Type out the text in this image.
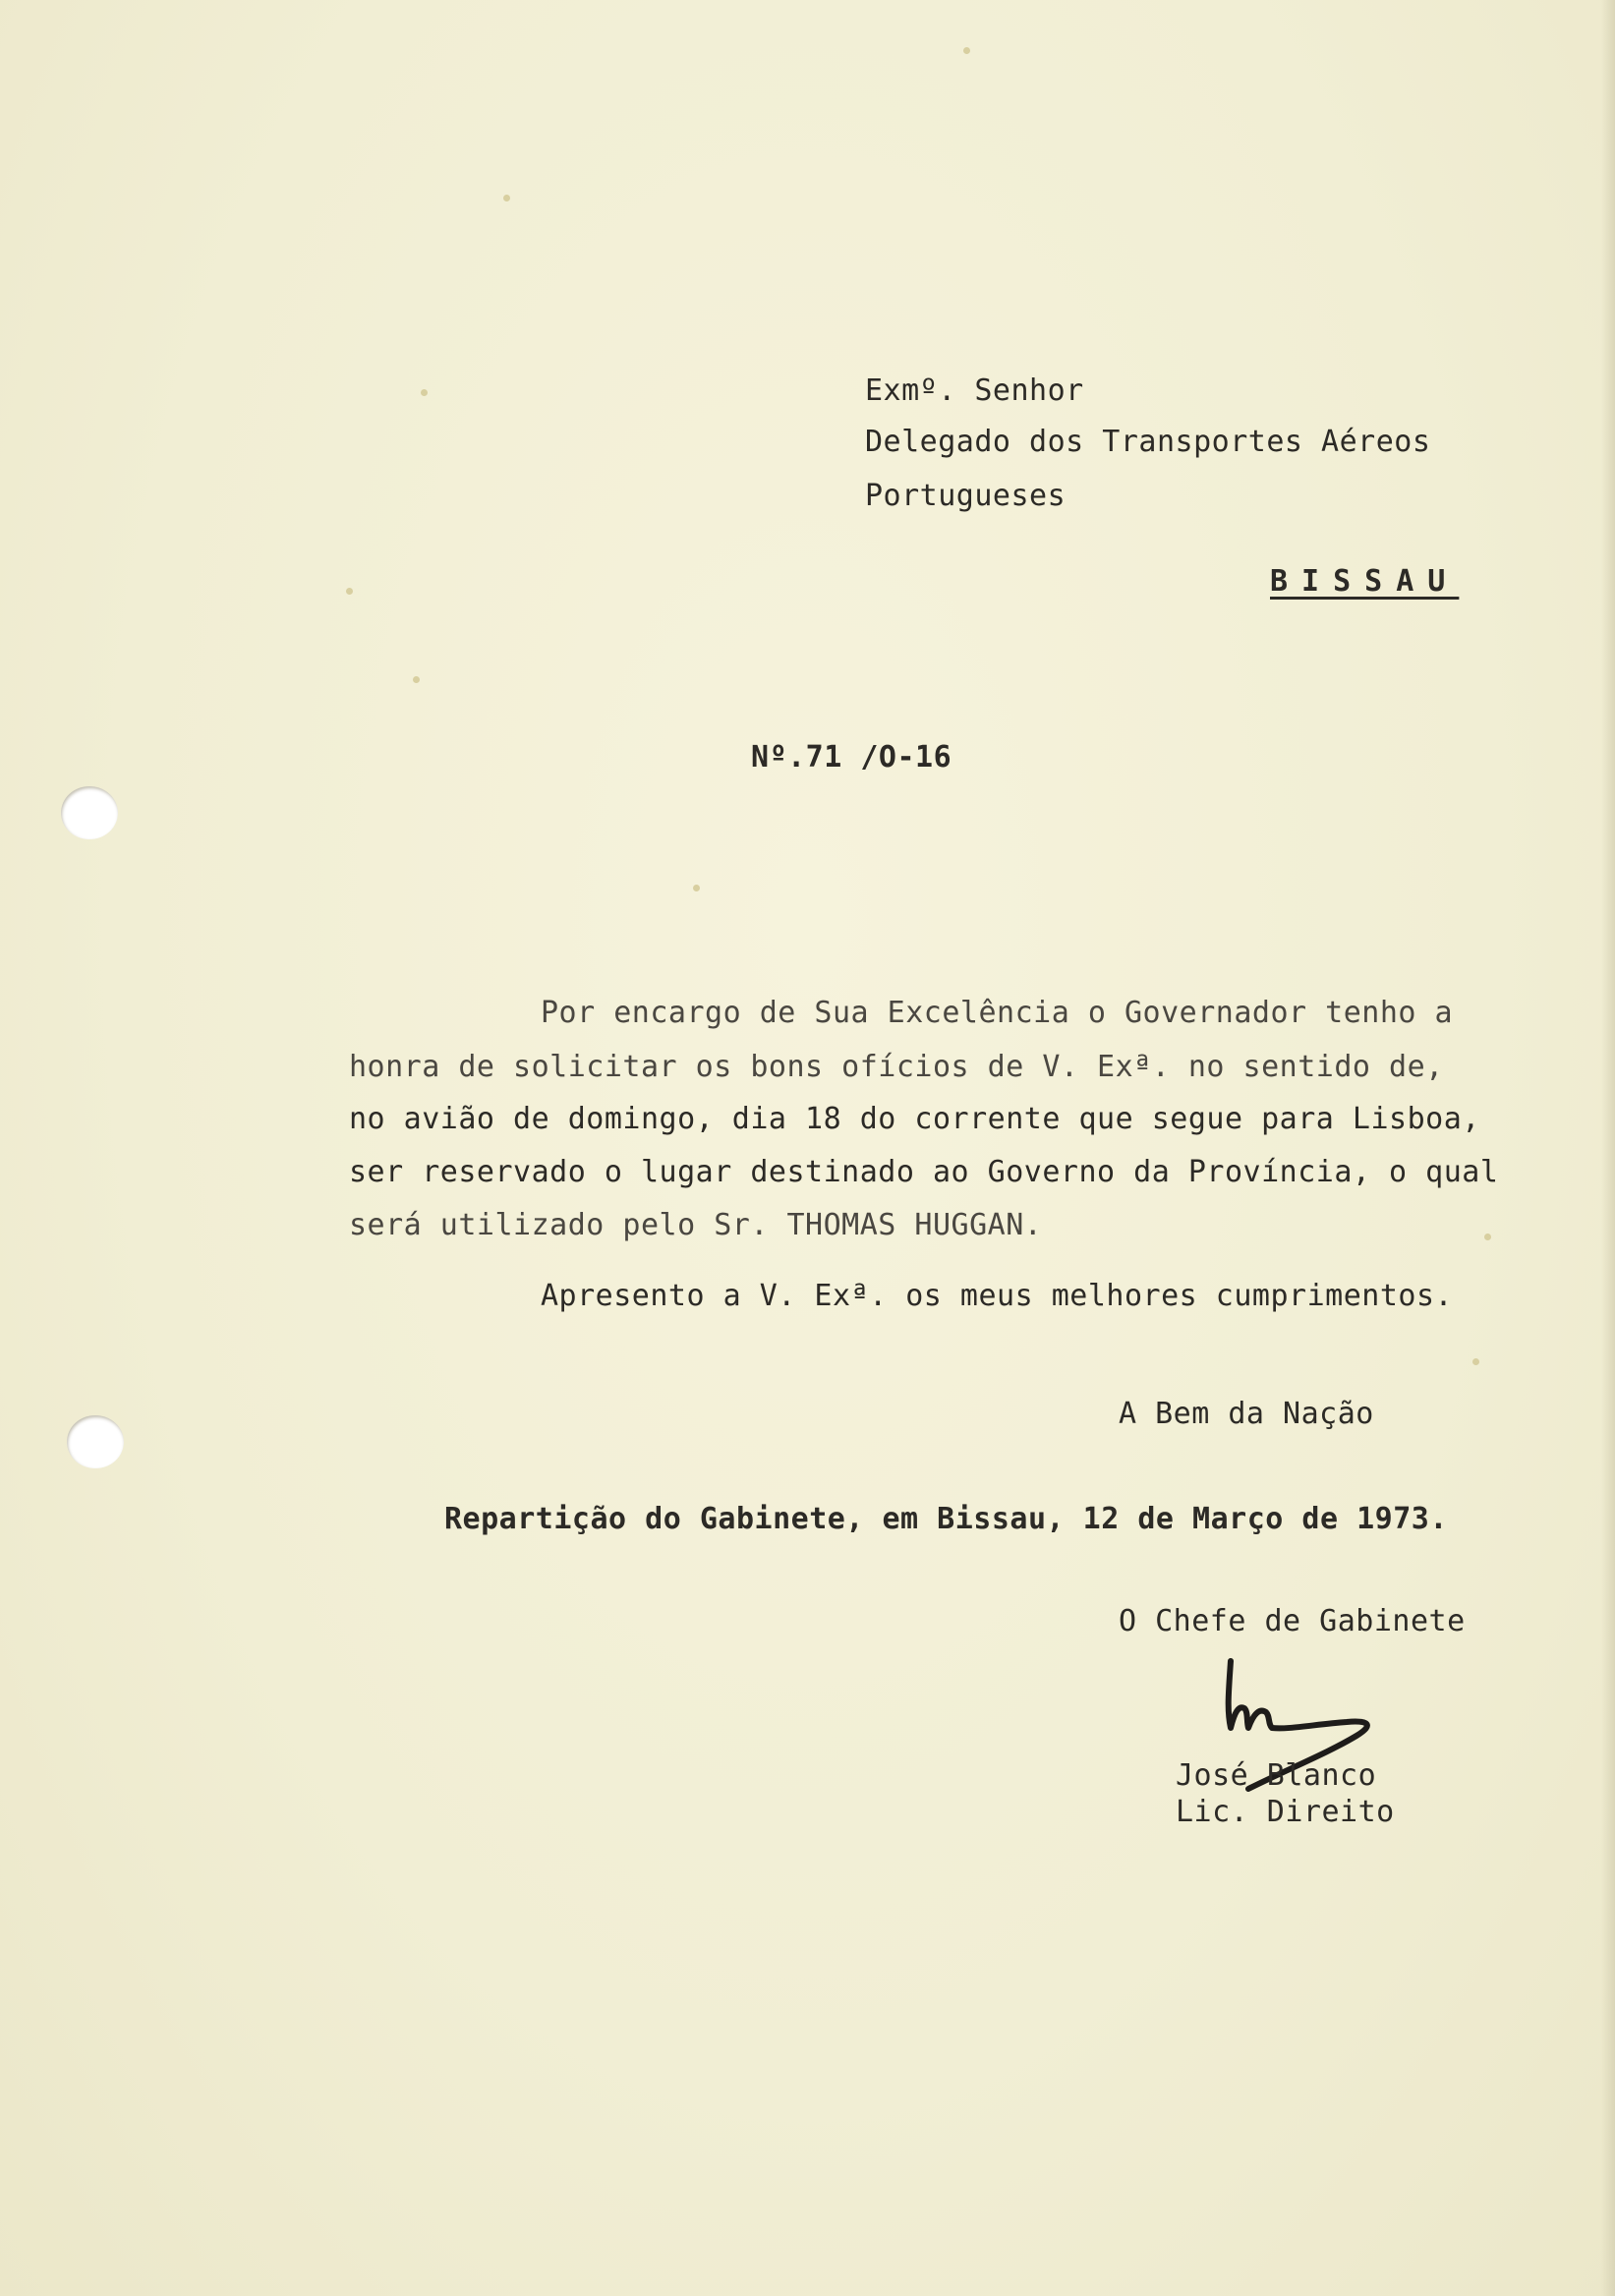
Exmº. Senhor
Delegado dos Transportes Aéreos
Portugueses
BISSAU
Nº.71 /O-16
Por encargo de Sua Excelência o Governador tenho a
honra de solicitar os bons ofícios de V. Exª. no sentido de,
no avião de domingo, dia 18 do corrente que segue para Lisboa,
ser reservado o lugar destinado ao Governo da Província, o qual
será utilizado pelo Sr. THOMAS HUGGAN.
Apresento a V. Exª. os meus melhores cumprimentos.
A Bem da Nação
Repartição do Gabinete, em Bissau, 12 de Março de 1973.
O Chefe de Gabinete
José Blanco
Lic. Direito
